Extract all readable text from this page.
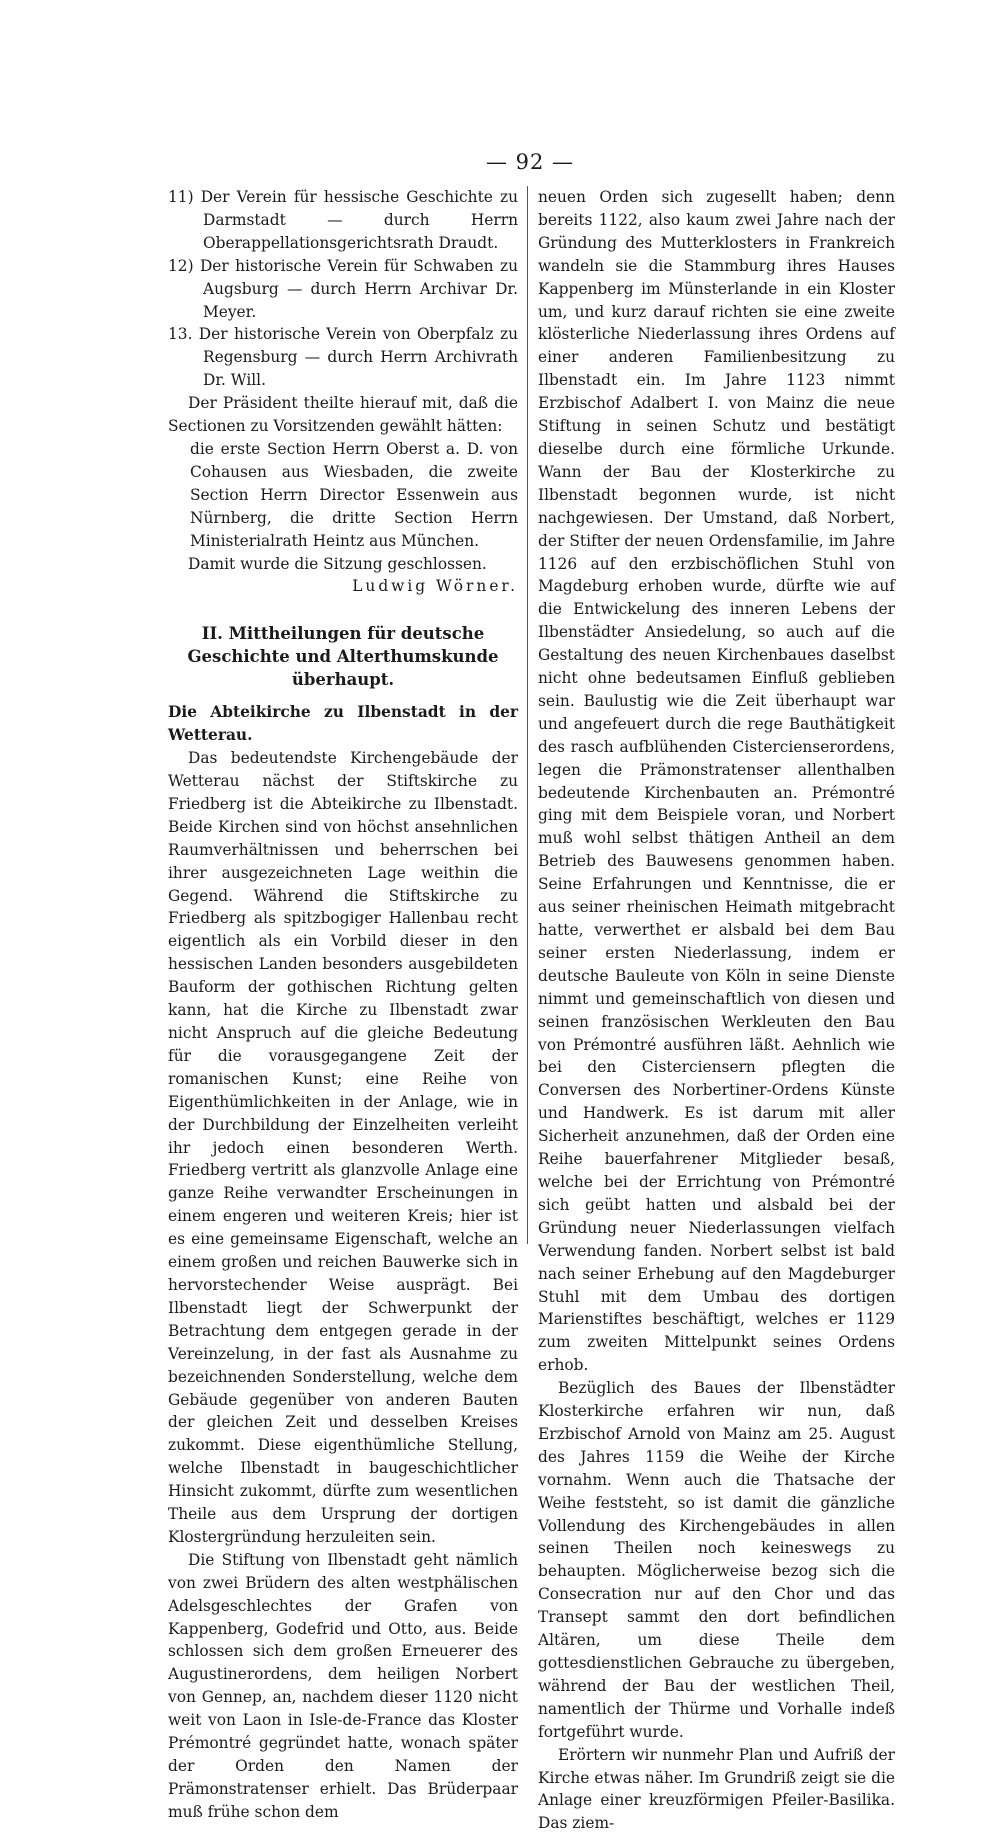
— 92 —

11) Der Verein für hessische Geschichte zu Darmstadt — durch Herrn Oberappellationsgerichtsrath Draudt.

12) Der historische Verein für Schwaben zu Augsburg — durch Herrn Archivar Dr. Meyer.

13. Der historische Verein von Oberpfalz zu Regensburg — durch Herrn Archivrath Dr. Will.

Der Präsident theilte hierauf mit, daß die Sectionen zu Vorsitzenden gewählt hätten:

die erste Section Herrn Oberst a. D. von Cohausen aus Wiesbaden, die zweite Section Herrn Director Essenwein aus Nürnberg, die dritte Section Herrn Ministerialrath Heintz aus München.

Damit wurde die Sitzung geschlossen.

Ludwig Wörner.

II. Mittheilungen für deutsche Geschichte und Alterthumskunde überhaupt.
Die Abteikirche zu Ilbenstadt in der Wetterau.

Das bedeutendste Kirchengebäude der Wetterau nächst der Stiftskirche zu Friedberg ist die Abteikirche zu Ilbenstadt. Beide Kirchen sind von höchst ansehnlichen Raumverhältnissen und beherrschen bei ihrer ausgezeichneten Lage weithin die Gegend. Während die Stiftskirche zu Friedberg als spitzbogiger Hallenbau recht eigentlich als ein Vorbild dieser in den hessischen Landen besonders ausgebildeten Bauform der gothischen Richtung gelten kann, hat die Kirche zu Ilbenstadt zwar nicht Anspruch auf die gleiche Bedeutung für die vorausgegangene Zeit der romanischen Kunst; eine Reihe von Eigenthümlichkeiten in der Anlage, wie in der Durchbildung der Einzelheiten verleiht ihr jedoch einen besonderen Werth. Friedberg vertritt als glanzvolle Anlage eine ganze Reihe verwandter Erscheinungen in einem engeren und weiteren Kreis; hier ist es eine gemeinsame Eigenschaft, welche an einem großen und reichen Bauwerke sich in hervorstechender Weise ausprägt. Bei Ilbenstadt liegt der Schwerpunkt der Betrachtung dem entgegen gerade in der Vereinzelung, in der fast als Ausnahme zu bezeichnenden Sonderstellung, welche dem Gebäude gegenüber von anderen Bauten der gleichen Zeit und desselben Kreises zukommt. Diese eigenthümliche Stellung, welche Ilbenstadt in baugeschichtlicher Hinsicht zukommt, dürfte zum wesentlichen Theile aus dem Ursprung der dortigen Klostergründung herzuleiten sein.

Die Stiftung von Ilbenstadt geht nämlich von zwei Brüdern des alten westphälischen Adelsgeschlechtes der Grafen von Kappenberg, Godefrid und Otto, aus. Beide schlossen sich dem großen Erneuerer des Augustinerordens, dem heiligen Norbert von Gennep, an, nachdem dieser 1120 nicht weit von Laon in Isle-de-France das Kloster Prémontré gegründet hatte, wonach später der Orden den Namen der Prämonstratenser erhielt. Das Brüderpaar muß frühe schon dem

neuen Orden sich zugesellt haben; denn bereits 1122, also kaum zwei Jahre nach der Gründung des Mutterklosters in Frankreich wandeln sie die Stammburg ihres Hauses Kappenberg im Münsterlande in ein Kloster um, und kurz darauf richten sie eine zweite klösterliche Niederlassung ihres Ordens auf einer anderen Familienbesitzung zu Ilbenstadt ein. Im Jahre 1123 nimmt Erzbischof Adalbert I. von Mainz die neue Stiftung in seinen Schutz und bestätigt dieselbe durch eine förmliche Urkunde. Wann der Bau der Klosterkirche zu Ilbenstadt begonnen wurde, ist nicht nachgewiesen. Der Umstand, daß Norbert, der Stifter der neuen Ordensfamilie, im Jahre 1126 auf den erzbischöflichen Stuhl von Magdeburg erhoben wurde, dürfte wie auf die Entwickelung des inneren Lebens der Ilbenstädter Ansiedelung, so auch auf die Gestaltung des neuen Kirchenbaues daselbst nicht ohne bedeutsamen Einfluß geblieben sein. Baulustig wie die Zeit überhaupt war und angefeuert durch die rege Bauthätigkeit des rasch aufblühenden Cistercienserordens, legen die Prämonstratenser allenthalben bedeutende Kirchenbauten an. Prémontré ging mit dem Beispiele voran, und Norbert muß wohl selbst thätigen Antheil an dem Betrieb des Bauwesens genommen haben. Seine Erfahrungen und Kenntnisse, die er aus seiner rheinischen Heimath mitgebracht hatte, verwerthet er alsbald bei dem Bau seiner ersten Niederlassung, indem er deutsche Bauleute von Köln in seine Dienste nimmt und gemeinschaftlich von diesen und seinen französischen Werkleuten den Bau von Prémontré ausführen läßt. Aehnlich wie bei den Cisterciensern pflegten die Conversen des Norbertiner-Ordens Künste und Handwerk. Es ist darum mit aller Sicherheit anzunehmen, daß der Orden eine Reihe bauerfahrener Mitglieder besaß, welche bei der Errichtung von Prémontré sich geübt hatten und alsbald bei der Gründung neuer Niederlassungen vielfach Verwendung fanden. Norbert selbst ist bald nach seiner Erhebung auf den Magdeburger Stuhl mit dem Umbau des dortigen Marienstiftes beschäftigt, welches er 1129 zum zweiten Mittelpunkt seines Ordens erhob.

Bezüglich des Baues der Ilbenstädter Klosterkirche erfahren wir nun, daß Erzbischof Arnold von Mainz am 25. August des Jahres 1159 die Weihe der Kirche vornahm. Wenn auch die Thatsache der Weihe feststeht, so ist damit die gänzliche Vollendung des Kirchengebäudes in allen seinen Theilen noch keineswegs zu behaupten. Möglicherweise bezog sich die Consecration nur auf den Chor und das Transept sammt den dort befindlichen Altären, um diese Theile dem gottesdienstlichen Gebrauche zu übergeben, während der Bau der westlichen Theil, namentlich der Thürme und Vorhalle indeß fortgeführt wurde.

Erörtern wir nunmehr Plan und Aufriß der Kirche etwas näher. Im Grundriß zeigt sie die Anlage einer kreuzförmigen Pfeiler-Basilika. Das ziem-
